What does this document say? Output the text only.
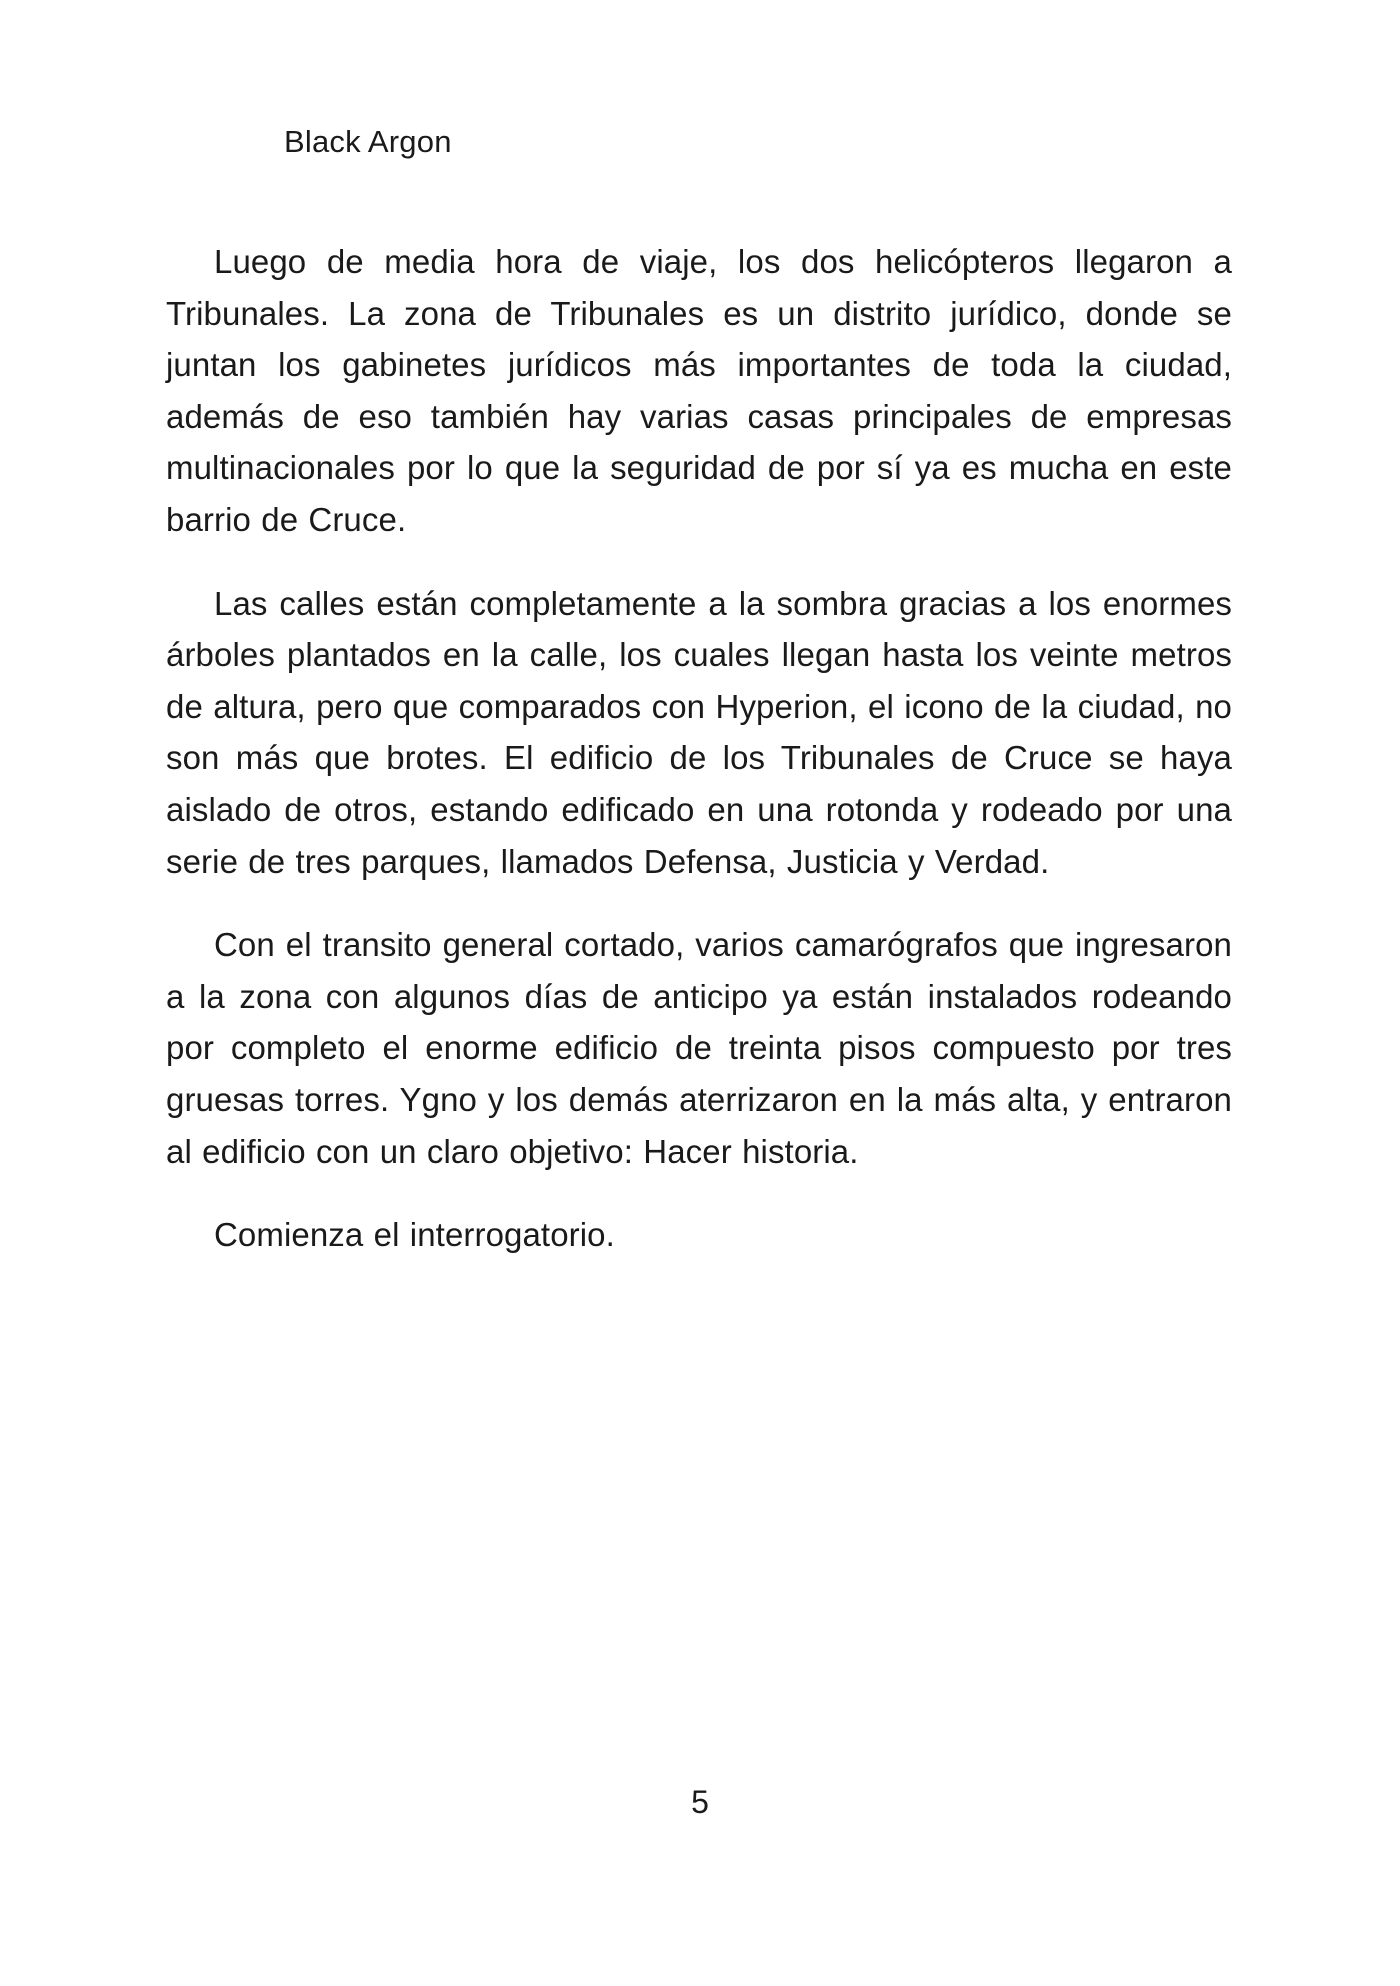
Black Argon

Luego de media hora de viaje, los dos helicópteros llegaron a Tribunales. La zona de Tribunales es un distrito jurídico, donde se juntan los gabinetes jurídicos más importantes de toda la ciudad, además de eso también hay varias casas principales de empresas multinacionales por lo que la seguridad de por sí ya es mucha en este barrio de Cruce.

Las calles están completamente a la sombra gracias a los enormes árboles plantados en la calle, los cuales llegan hasta los veinte metros de altura, pero que comparados con Hyperion, el icono de la ciudad, no son más que brotes. El edificio de los Tribunales de Cruce se haya aislado de otros, estando edificado en una rotonda y rodeado por una serie de tres parques, llamados Defensa, Justicia y Verdad.

Con el transito general cortado, varios camarógrafos que ingresaron a la zona con algunos días de anticipo ya están instalados rodeando por completo el enorme edificio de treinta pisos compuesto por tres gruesas torres. Ygno y los demás aterrizaron en la más alta, y entraron al edificio con un claro objetivo: Hacer historia.

Comienza el interrogatorio.

5
